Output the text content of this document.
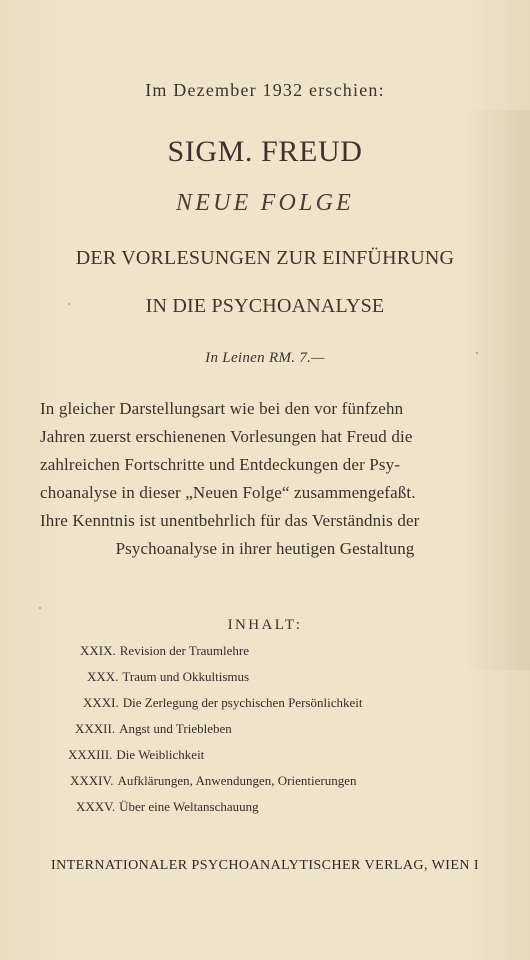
Im Dezember 1932 erschien:
SIGM. FREUD
NEUE FOLGE
DER VORLESUNGEN ZUR EINFÜHRUNG
IN DIE PSYCHOANALYSE
In Leinen RM. 7.—
In gleicher Darstellungsart wie bei den vor fünfzehn
Jahren zuerst erschienenen Vorlesungen hat Freud die
zahlreichen Fortschritte und Entdeckungen der Psy-
choanalyse in dieser „Neuen Folge“ zusammengefaßt.
Ihre Kenntnis ist unentbehrlich für das Verständnis der
Psychoanalyse in ihrer heutigen Gestaltung
INHALT:
XXIX. Revision der Traumlehre
XXX. Traum und Okkultismus
XXXI. Die Zerlegung der psychischen Persönlichkeit
XXXII. Angst und Triebleben
XXXIII. Die Weiblichkeit
XXXIV. Aufklärungen, Anwendungen, Orientierungen
XXXV. Über eine Weltanschauung
INTERNATIONALER PSYCHOANALYTISCHER VERLAG, WIEN I
